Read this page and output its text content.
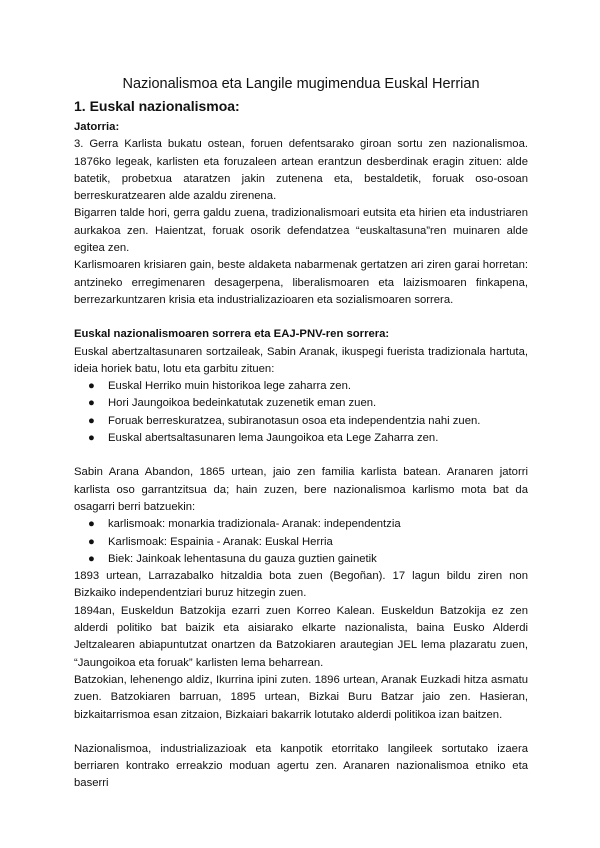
Nazionalismoa eta Langile mugimendua Euskal Herrian
1. Euskal nazionalismoa:

Jatorria:

3. Gerra Karlista bukatu ostean, foruen defentsarako giroan sortu zen nazionalismoa. 1876ko legeak, karlisten eta foruzaleen artean erantzun desberdinak eragin zituen: alde batetik, probetxua ataratzen jakin zutenena eta, bestaldetik, foruak oso-osoan berreskuratzearen alde azaldu zirenena.

Bigarren talde hori, gerra galdu zuena, tradizionalismoari eutsita eta hirien eta industriaren aurkakoa zen. Haientzat, foruak osorik defendatzea “euskaltasuna”ren muinaren alde egitea zen.

Karlismoaren krisiaren gain, beste aldaketa nabarmenak gertatzen ari ziren garai horretan: antzineko erregimenaren desagerpena, liberalismoaren eta laizismoaren finkapena, berrezarkuntzaren krisia eta industrializazioaren eta sozialismoaren sorrera.

Euskal nazionalismoaren sorrera eta EAJ-PNV-ren sorrera:

Euskal abertzaltasunaren sortzaileak, Sabin Aranak, ikuspegi fuerista tradizionala hartuta, ideia horiek batu, lotu eta garbitu zituen:

● Euskal Herriko muin historikoa lege zaharra zen.
● Hori Jaungoikoa bedeinkatutak zuzenetik eman zuen.
● Foruak berreskuratzea, subiranotasun osoa eta independentzia nahi zuen.
● Euskal abertsaltasunaren lema Jaungoikoa eta Lege Zaharra zen.

Sabin Arana Abandon, 1865 urtean, jaio zen familia karlista batean. Aranaren jatorri karlista oso garrantzitsua da; hain zuzen, bere nazionalismoa karlismo mota bat da osagarri berri batzuekin:

● karlismoak: monarkia tradizionala- Aranak: independentzia
● Karlismoak: Espainia - Aranak: Euskal Herria
● Biek: Jainkoak lehentasuna du gauza guztien gainetik

1893 urtean, Larrazabalko hitzaldia bota zuen (Begoñan). 17 lagun bildu ziren non Bizkaiko independentziari buruz hitzegin zuen.

1894an, Euskeldun Batzokija ezarri zuen Korreo Kalean. Euskeldun Batzokija ez zen alderdi politiko bat baizik eta aisiarako elkarte nazionalista, baina Eusko Alderdi Jeltzalearen abiapuntutzat onartzen da Batzokiaren arautegian JEL lema plazaratu zuen, “Jaungoikoa eta foruak” karlisten lema beharrean.

Batzokian, lehenengo aldiz, Ikurrina ipini zuten. 1896 urtean, Aranak Euzkadi hitza asmatu zuen. Batzokiaren barruan, 1895 urtean, Bizkai Buru Batzar jaio zen. Hasieran, bizkaitarrismoa esan zitzaion, Bizkaiari bakarrik lotutako alderdi politikoa izan baitzen.

Nazionalismoa, industrializazioak eta kanpotik etorritako langileek sortutako izaera berriaren kontrako erreakzio moduan agertu zen. Aranaren nazionalismoa etniko eta baserri
